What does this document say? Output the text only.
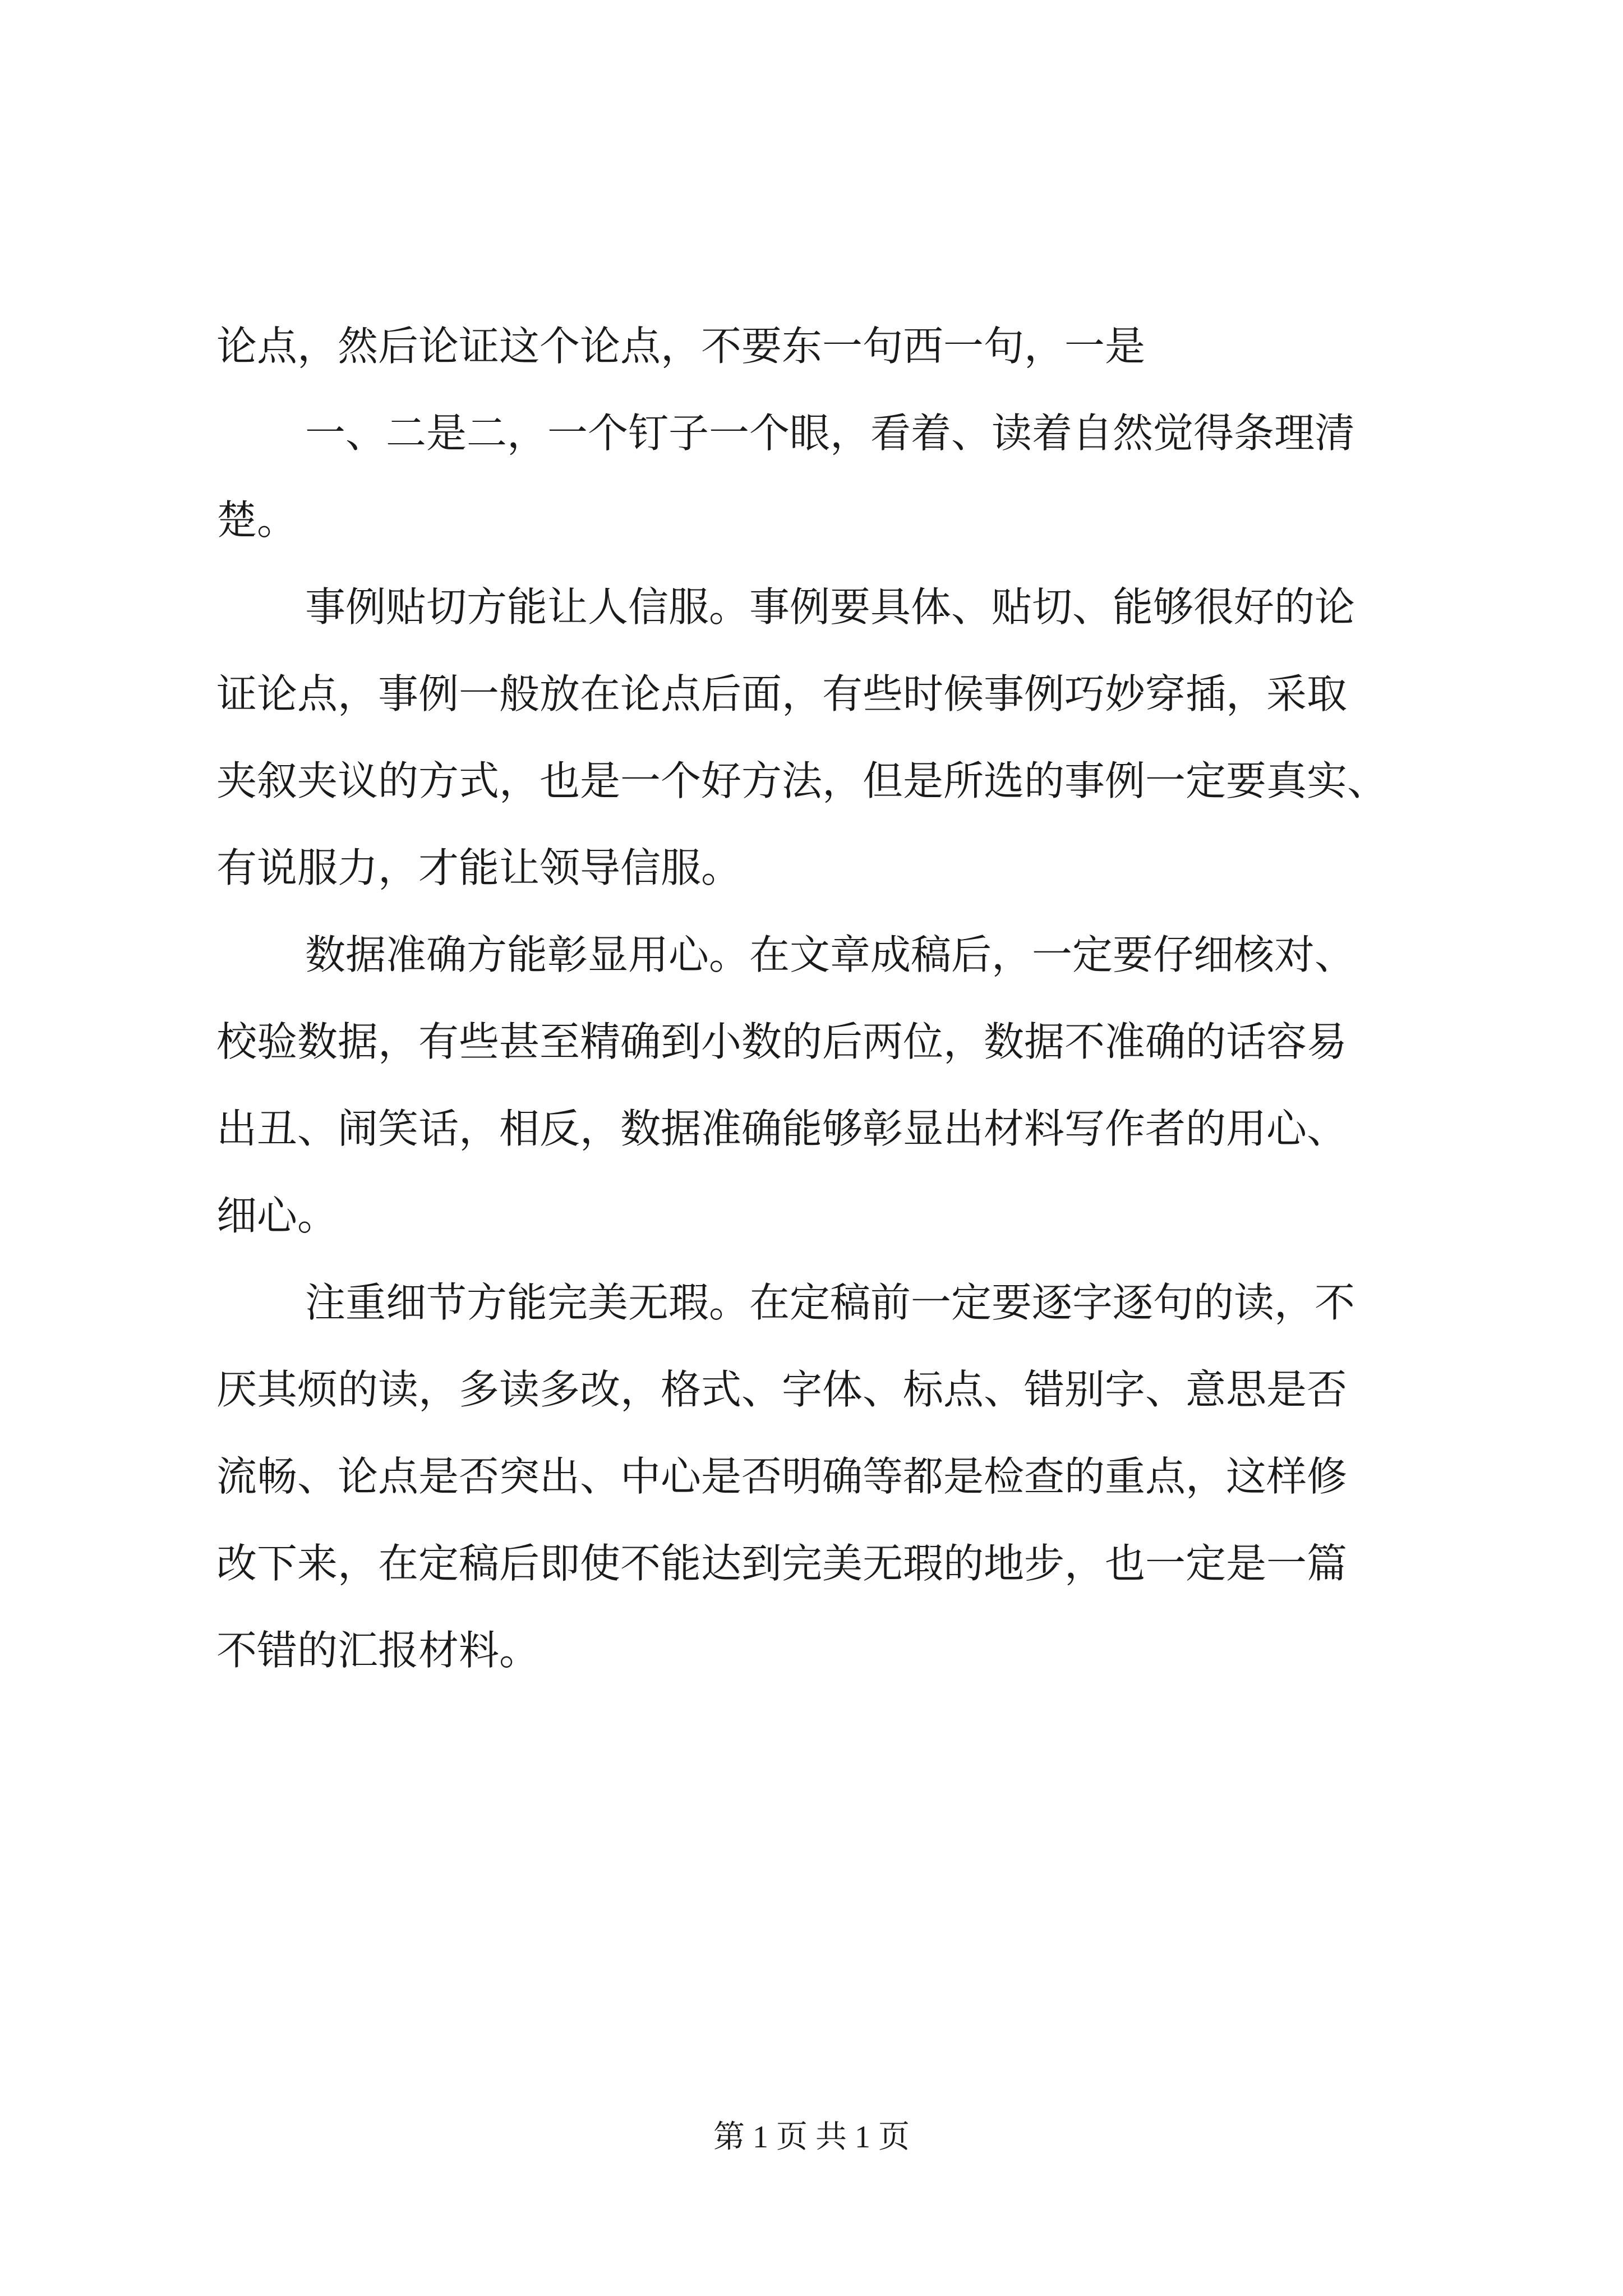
论点，然后论证这个论点，不要东一句西一句，一是
一、二是二，一个钉子一个眼，看着、读着自然觉得条理清
楚。
事例贴切方能让人信服。事例要具体、贴切、能够很好的论
证论点，事例一般放在论点后面，有些时候事例巧妙穿插，采取
夹叙夹议的方式，也是一个好方法，但是所选的事例一定要真实、
有说服力，才能让领导信服。
数据准确方能彰显用心。在文章成稿后，一定要仔细核对、
校验数据，有些甚至精确到小数的后两位，数据不准确的话容易
出丑、闹笑话，相反，数据准确能够彰显出材料写作者的用心、
细心。
注重细节方能完美无瑕。在定稿前一定要逐字逐句的读，不
厌其烦的读，多读多改，格式、字体、标点、错别字、意思是否
流畅、论点是否突出、中心是否明确等都是检查的重点，这样修
改下来，在定稿后即使不能达到完美无瑕的地步，也一定是一篇
不错的汇报材料。
第 1 页 共 1 页
